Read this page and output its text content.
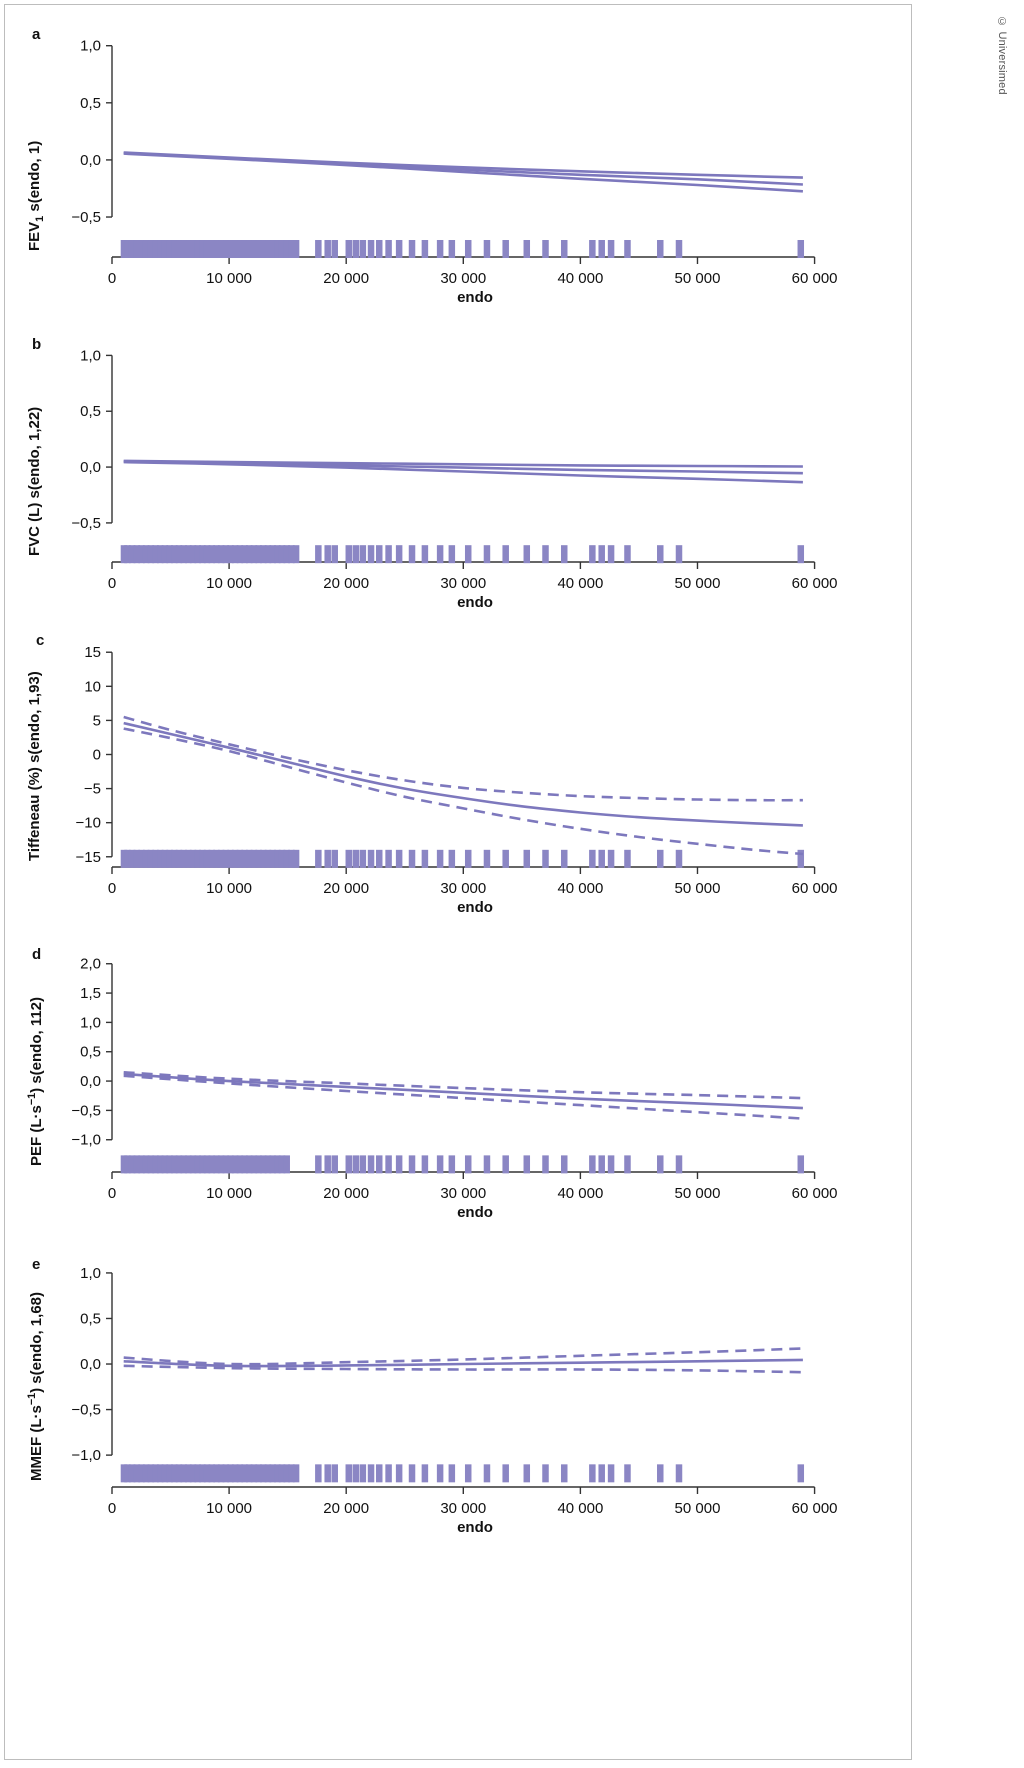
© Universimed
1,0
0,5
0,0
−0,5
0	10 000	20 000	30 000	40 000	50 000	60 000
a
$FEV_1$ s(endo, 1)
endo
1,0
0,5
0,0
−0,5
0	10 000	20 000	30 000	40 000	50 000	60 000
b
FVC (L) s(endo, 1,22)
endo
15
10
5
0
−5
−10
−15
0	10 000	20 000	30 000	40 000	50 000	60 000
c
Tiffeneau (%) s(endo, 1,93)
endo
2,0
1,5
1,0
0,5
0,0
−0,5
−1,0
0	10 000	20 000	30 000	40 000	50 000	60 000
d
PEF $(L\cdot s^{-1})$ s(endo, 112)
endo
1,0
0,5
0,0
−0,5
−1,0
0	10 000	20 000	30 000	40 000	50 000	60 000
e
MMEF $(L\cdot s^{-1})$ s(endo, 1,68)
endo
